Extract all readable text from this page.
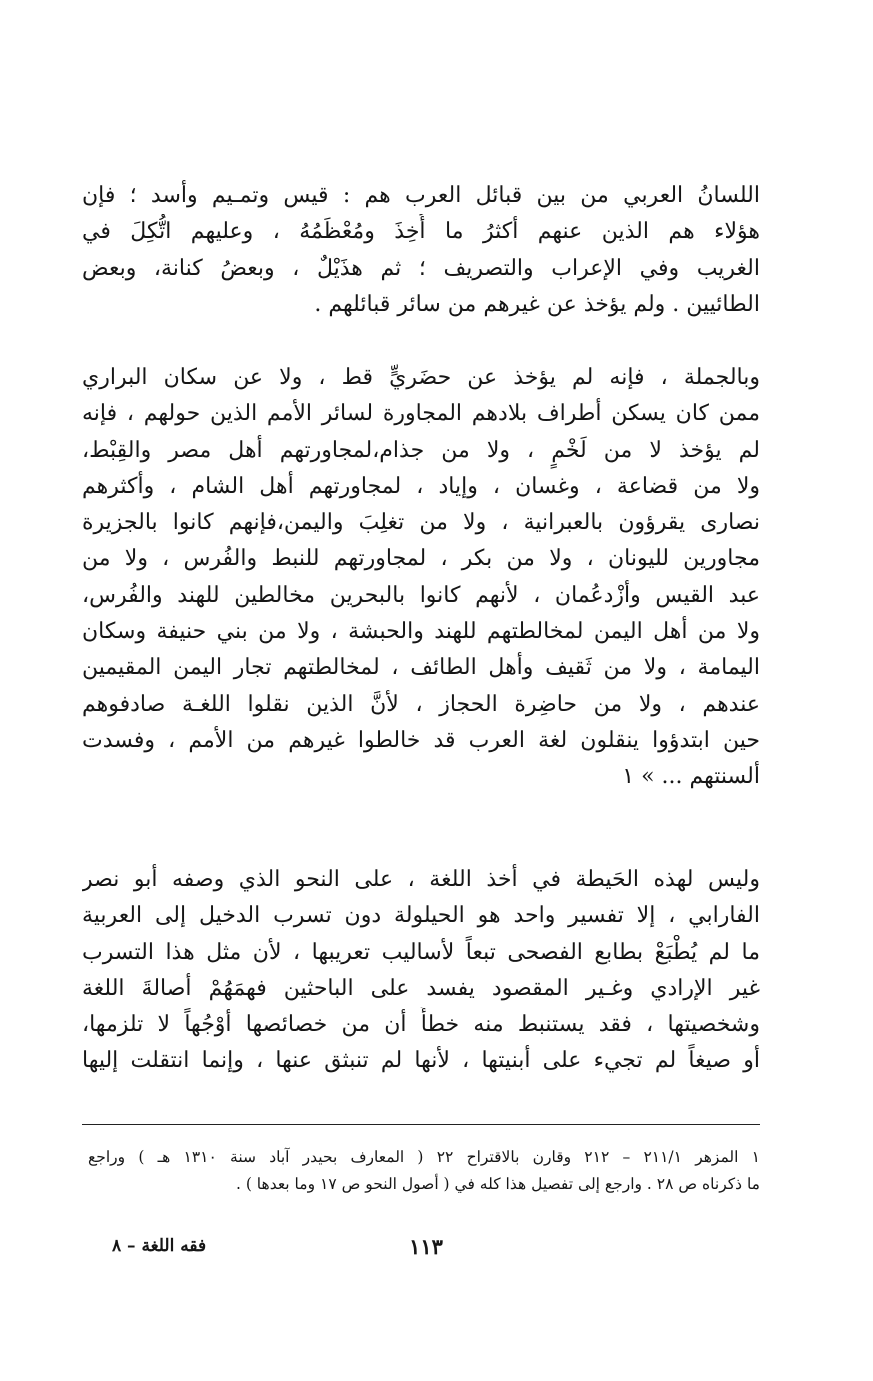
اللسانُ العربي من بين قبائل العرب هم : قيس وتمـيم وأسد ؛ فإن
هؤلاء هم الذين عنهم أكثرُ ما أُخِذَ ومُعْظَمُهُ ، وعليهم اتُّكِلَ في
الغريب وفي الإعراب والتصريف ؛ ثم هذَيْلٌ ، وبعضُ كنانة، وبعض
الطائيين . ولم يؤخذ عن غيرهم من سائر قبائلهم .
وبالجملة ، فإنه لم يؤخذ عن حضَريٍّ قط ، ولا عن سكان البراري
ممن كان يسكن أطراف بلادهم المجاورة لسائر الأمم الذين حولهم ، فإنه
لم يؤخذ لا من لَخْمٍ ، ولا من جذام،لمجاورتهم أهل مصر والقِبْط،
ولا من قضاعة ، وغسان ، وإياد ، لمجاورتهم أهل الشام ، وأكثرهم
نصارى يقرؤون بالعبرانية ، ولا من تغلِبَ واليمن،فإنهم كانوا بالجزيرة
مجاورين لليونان ، ولا من بكر ، لمجاورتهم للنبط والفُرس ، ولا من
عبد القيس وأزْدعُمان ، لأنهم كانوا بالبحرين مخالطين للهند والفُرس،
ولا من أهل اليمن لمخالطتهم للهند والحبشة ، ولا من بني حنيفة وسكان
اليمامة ، ولا من ثَقيف وأهل الطائف ، لمخالطتهم تجار اليمن المقيمين
عندهم ، ولا من حاضِرة الحجاز ، لأنَّ الذين نقلوا اللغـة صادفوهم
حين ابتدؤوا ينقلون لغة العرب قد خالطوا غيرهم من الأمم ، وفسدت
ألسنتهم ... » ١
وليس لهذه الحَيطة في أخذ اللغة ، على النحو الذي وصفه أبو نصر
الفارابي ، إلا تفسير واحد هو الحيلولة دون تسرب الدخيل إلى العربية
ما لم يُطْبَعْ بطابع الفصحى تبعاً لأساليب تعريبها ، لأن مثل هذا التسرب
غير الإرادي وغـير المقصود يفسد على الباحثين فهمَهُمْ أصالةَ اللغة
وشخصيتها ، فقد يستنبط منه خطأً أن من خصائصها أوْجُهاً لا تلزمها،
أو صيغاً لم تجيء على أبنيتها ، لأنها لم تنبثق عنها ، وإنما انتقلت إليها
١ المزهر ٢١١/١ – ٢١٢ وقارن بالاقتراح ٢٢ ( المعارف بحيدر آباد سنة ١٣١٠ هـ ) وراجع
ما ذكرناه ص ٢٨ . وارجع إلى تفصيل هذا كله في ( أصول النحو ص ١٧ وما بعدها ) .
١١٣
فقه اللغة – ٨
